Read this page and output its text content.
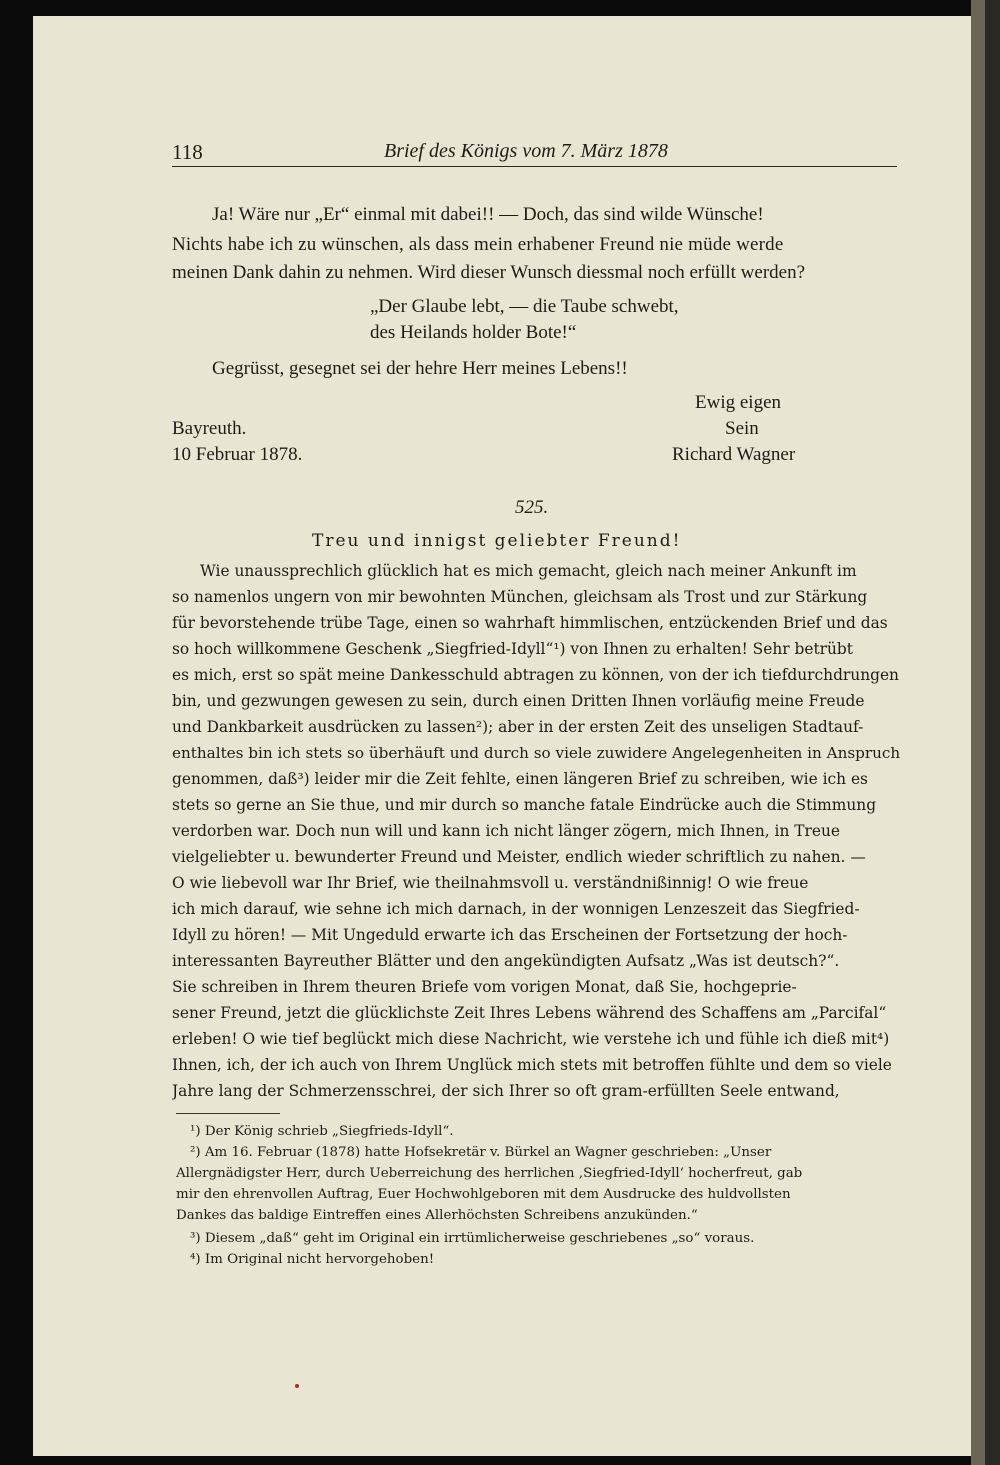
118	Brief des Königs vom 7. März 1878
Ja! Wäre nur „Er“ einmal mit dabei!! — Doch, das sind wilde Wünsche!
Nichts habe ich zu wünschen, als dass mein erhabener Freund nie müde werde
meinen Dank dahin zu nehmen. Wird dieser Wunsch diessmal noch erfüllt werden?
„Der Glaube lebt, — die Taube schwebt,
des Heilands holder Bote!“
Gegrüsst, gesegnet sei der hehre Herr meines Lebens!!
Ewig eigen
Bayreuth.	Sein
10 Februar 1878.	Richard Wagner
525.
Treu und innigst geliebter Freund!
Wie unaussprechlich glücklich hat es mich gemacht, gleich nach meiner Ankunft im
so namenlos ungern von mir bewohnten München, gleichsam als Trost und zur Stärkung
für bevorstehende trübe Tage, einen so wahrhaft himmlischen, entzückenden Brief und das
so hoch willkommene Geschenk „Siegfried-Idyll“¹) von Ihnen zu erhalten! Sehr betrübt
es mich, erst so spät meine Dankesschuld abtragen zu können, von der ich tiefdurchdrungen
bin, und gezwungen gewesen zu sein, durch einen Dritten Ihnen vorläufig meine Freude
und Dankbarkeit ausdrücken zu lassen²); aber in der ersten Zeit des unseligen Stadtauf-
enthaltes bin ich stets so überhäuft und durch so viele zuwidere Angelegenheiten in Anspruch
genommen, daß³) leider mir die Zeit fehlte, einen längeren Brief zu schreiben, wie ich es
stets so gerne an Sie thue, und mir durch so manche fatale Eindrücke auch die Stimmung
verdorben war. Doch nun will und kann ich nicht länger zögern, mich Ihnen, in Treue
vielgeliebter u. bewunderter Freund und Meister, endlich wieder schriftlich zu nahen. —
O wie liebevoll war Ihr Brief, wie theilnahmsvoll u. verständnißinnig! O wie freue
ich mich darauf, wie sehne ich mich darnach, in der wonnigen Lenzeszeit das Siegfried-
Idyll zu hören! — Mit Ungeduld erwarte ich das Erscheinen der Fortsetzung der hoch-
interessanten Bayreuther Blätter und den angekündigten Aufsatz „Was ist deutsch?“.
Sie schreiben in Ihrem theuren Briefe vom vorigen Monat, daß Sie, hochgeprie-
sener Freund, jetzt die glücklichste Zeit Ihres Lebens während des Schaffens am „Parcifal“
erleben! O wie tief beglückt mich diese Nachricht, wie verstehe ich und fühle ich dieß mit⁴)
Ihnen, ich, der ich auch von Ihrem Unglück mich stets mit betroffen fühlte und dem so viele
Jahre lang der Schmerzensschrei, der sich Ihrer so oft gram-erfüllten Seele entwand,
¹) Der König schrieb „Siegfrieds-Idyll“.
²) Am 16. Februar (1878) hatte Hofsekretär v. Bürkel an Wagner geschrieben: „Unser
Allergnädigster Herr, durch Ueberreichung des herrlichen ‚Siegfried-Idyll‘ hocherfreut, gab
mir den ehrenvollen Auftrag, Euer Hochwohlgeboren mit dem Ausdrucke des huldvollsten
Dankes das baldige Eintreffen eines Allerhöchsten Schreibens anzukünden.“
³) Diesem „daß“ geht im Original ein irrtümlicherweise geschriebenes „so“ voraus.
⁴) Im Original nicht hervorgehoben!
